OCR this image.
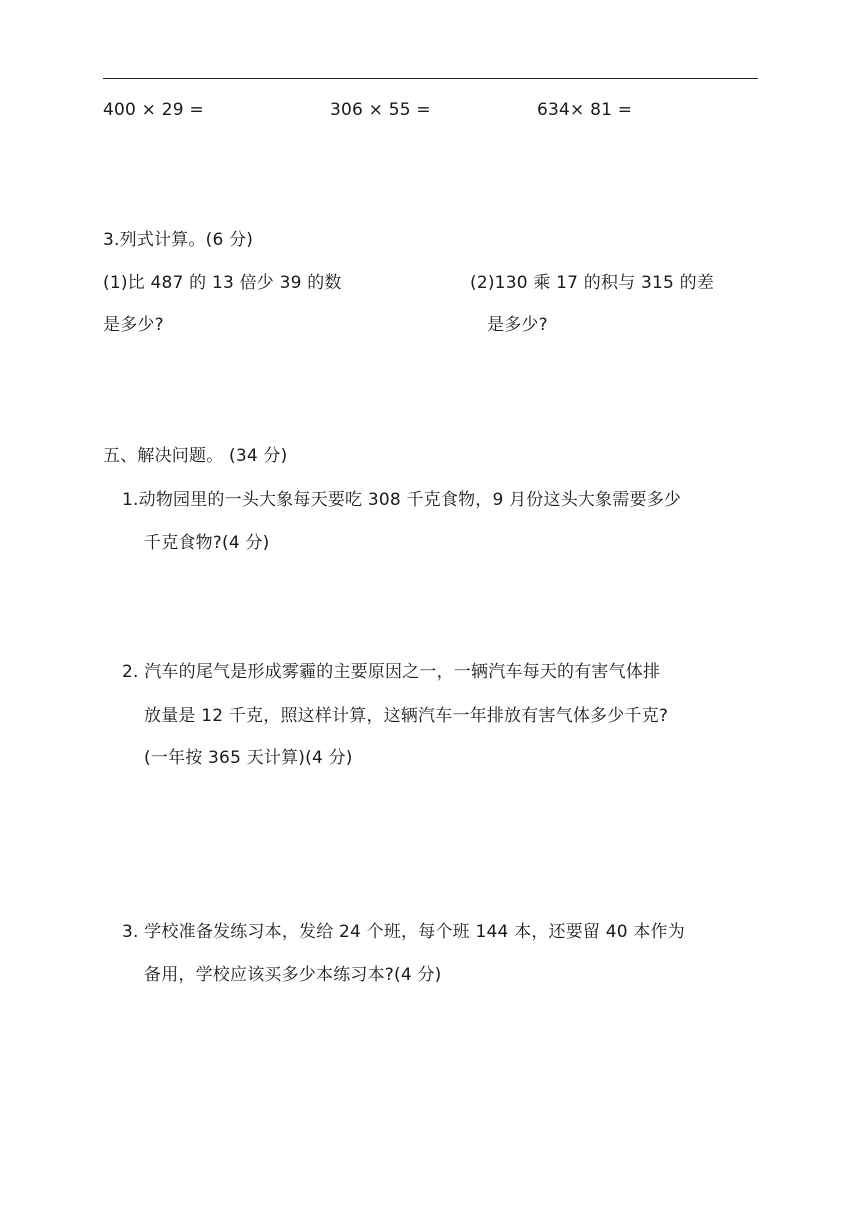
400 × 29 =	306 × 55 =	634× 81 =
3.列式计算。(6 分)
(1)比 487 的 13 倍少 39 的数
是多少?
(2)130 乘 17 的积与 315 的差
是多少?
五、解决问题。 (34 分)
1.动物园里的一头大象每天要吃 308 千克食物，9 月份这头大象需要多少
千克食物?(4 分)
2. 汽车的尾气是形成雾霾的主要原因之一，一辆汽车每天的有害气体排
放量是 12 千克，照这样计算，这辆汽车一年排放有害气体多少千克?
(一年按 365 天计算)(4 分)
3. 学校准备发练习本，发给 24 个班，每个班 144 本，还要留 40 本作为
备用，学校应该买多少本练习本?(4 分)
